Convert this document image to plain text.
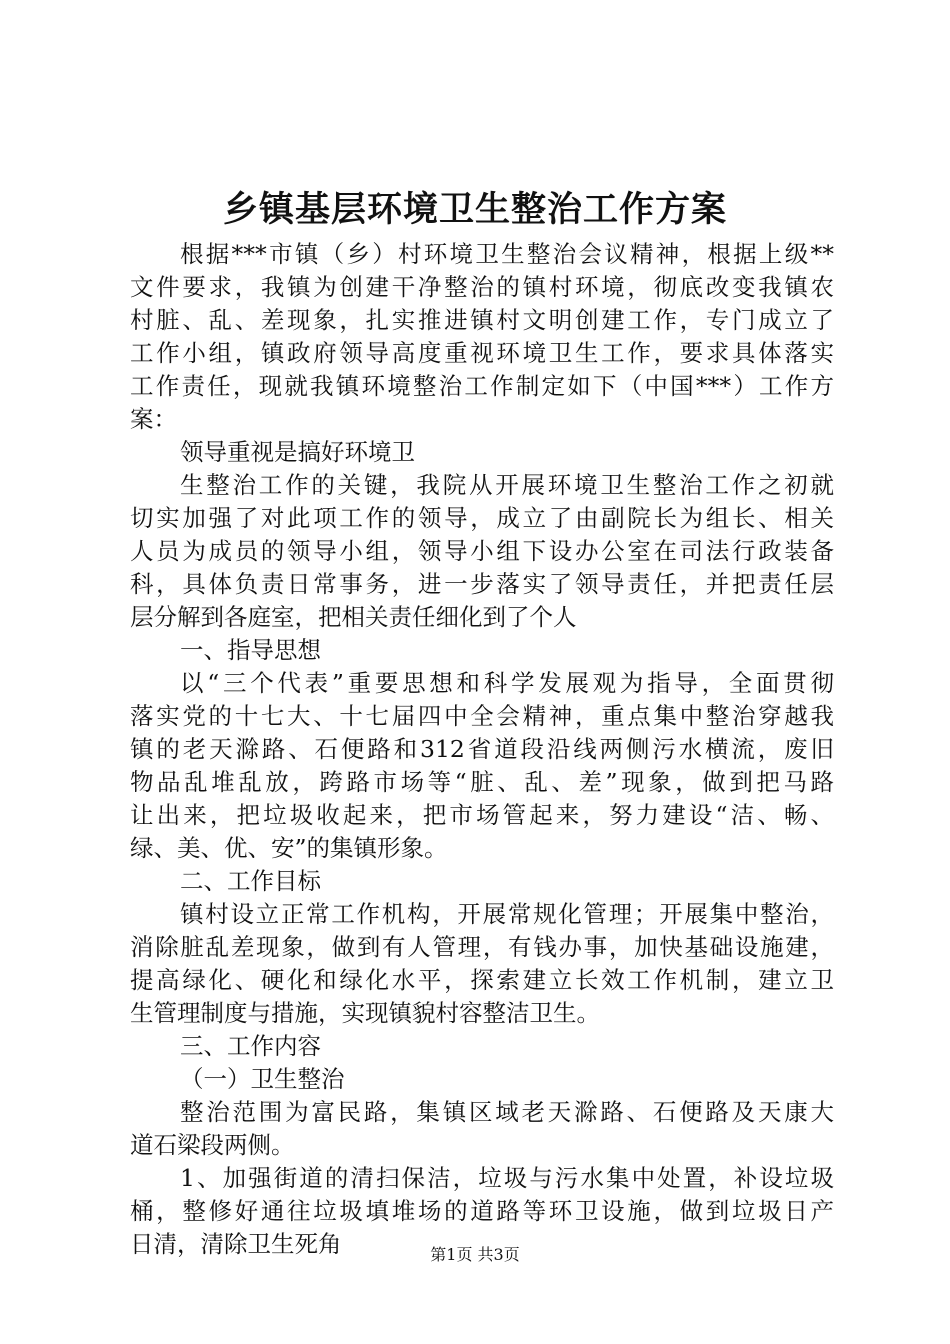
乡镇基层环境卫生整治工作方案
根据***市镇（乡）村环境卫生整治会议精神，根据上级**
文件要求，我镇为创建干净整治的镇村环境，彻底改变我镇农
村脏、乱、差现象，扎实推进镇村文明创建工作，专门成立了
工作小组，镇政府领导高度重视环境卫生工作，要求具体落实
工作责任，现就我镇环境整治工作制定如下（中国***）工作方
案：
领导重视是搞好环境卫
生整治工作的关键，我院从开展环境卫生整治工作之初就
切实加强了对此项工作的领导，成立了由副院长为组长、相关
人员为成员的领导小组，领导小组下设办公室在司法行政装备
科，具体负责日常事务，进一步落实了领导责任，并把责任层
层分解到各庭室，把相关责任细化到了个人
一、指导思想
以“三个代表”重要思想和科学发展观为指导，全面贯彻
落实党的十七大、十七届四中全会精神，重点集中整治穿越我
镇的老天滁路、石便路和312省道段沿线两侧污水横流，废旧
物品乱堆乱放，跨路市场等“脏、乱、差”现象，做到把马路
让出来，把垃圾收起来，把市场管起来，努力建设“洁、畅、
绿、美、优、安”的集镇形象。
二、工作目标
镇村设立正常工作机构，开展常规化管理；开展集中整治，
消除脏乱差现象，做到有人管理，有钱办事，加快基础设施建，
提高绿化、硬化和绿化水平，探索建立长效工作机制，建立卫
生管理制度与措施，实现镇貌村容整洁卫生。
三、工作内容
（一）卫生整治
整治范围为富民路，集镇区域老天滁路、石便路及天康大
道石梁段两侧。
1、加强街道的清扫保洁，垃圾与污水集中处置，补设垃圾
桶，整修好通往垃圾填堆场的道路等环卫设施，做到垃圾日产
日清，清除卫生死角	第1页 共3页
